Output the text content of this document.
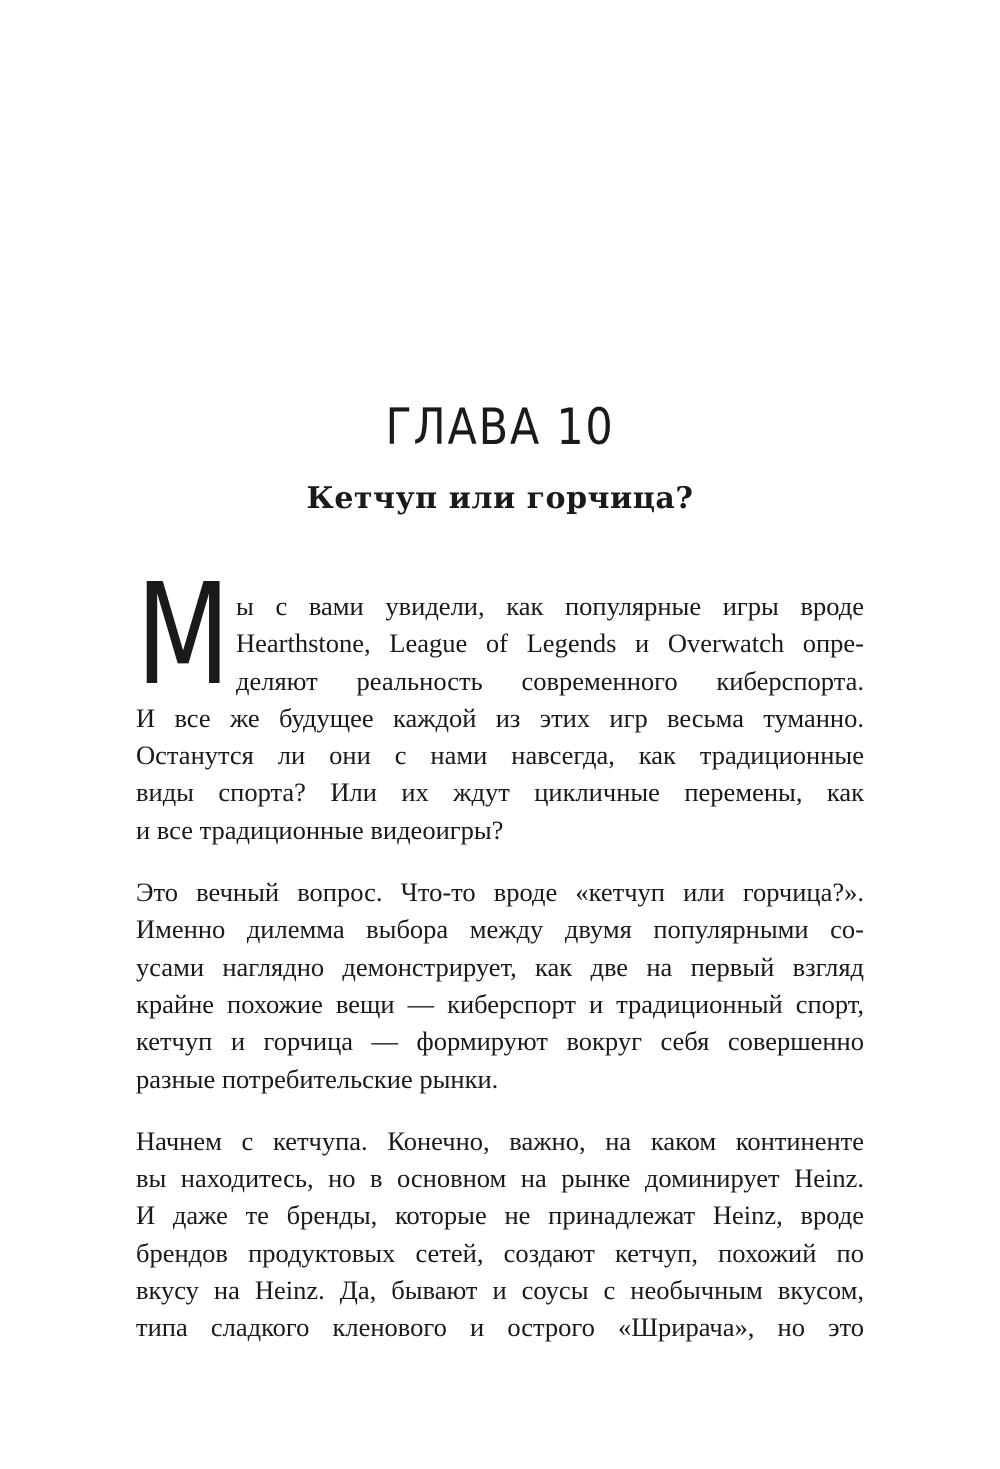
ГЛАВА 10
Кетчуп или горчица?
М ы с вами увидели, как популярные игры вроде
Hearthstone, League of Legends и Overwatch опре-
деляют реальность современного киберспорта.
И все же будущее каждой из этих игр весьма туманно.
Останутся ли они с нами навсегда, как традиционные
виды спорта? Или их ждут цикличные перемены, как
и все традиционные видеоигры?
Это вечный вопрос. Что-то вроде «кетчуп или горчица?».
Именно дилемма выбора между двумя популярными со-
усами наглядно демонстрирует, как две на первый взгляд
крайне похожие вещи — киберспорт и традиционный спорт,
кетчуп и горчица — формируют вокруг себя совершенно
разные потребительские рынки.
Начнем с кетчупа. Конечно, важно, на каком континенте
вы находитесь, но в основном на рынке доминирует Heinz.
И даже те бренды, которые не принадлежат Heinz, вроде
брендов продуктовых сетей, создают кетчуп, похожий по
вкусу на Heinz. Да, бывают и соусы с необычным вкусом,
типа сладкого кленового и острого «Шрирача», но это
